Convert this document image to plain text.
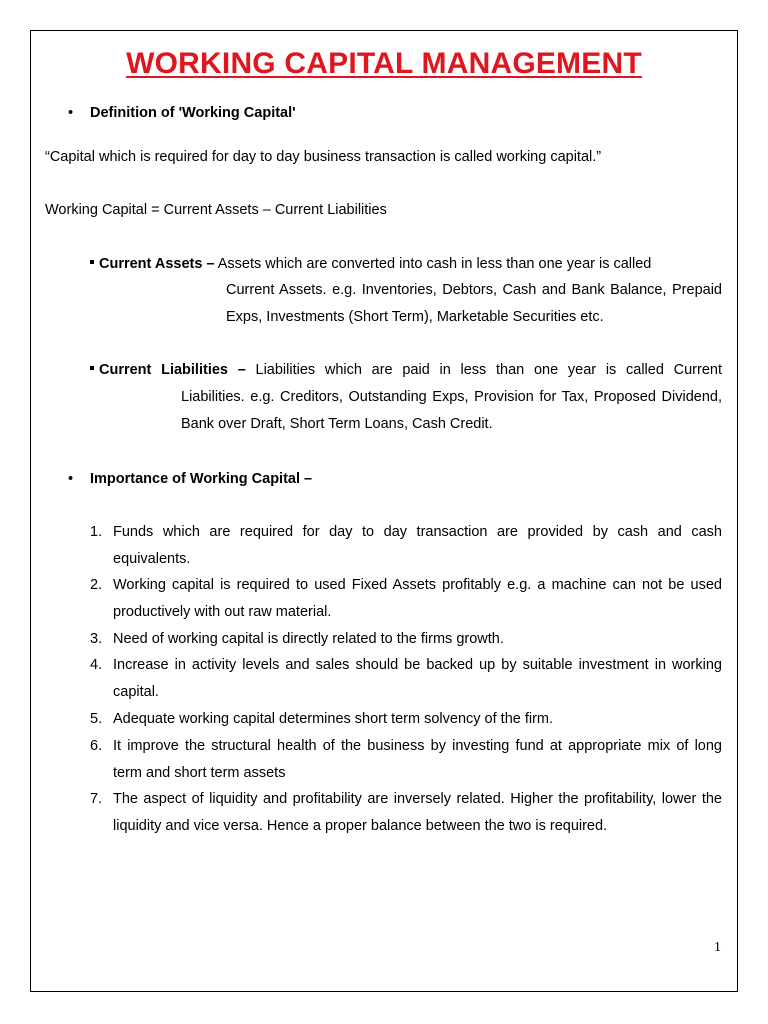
WORKING CAPITAL MANAGEMENT
• Definition of 'Working Capital'
“Capital which is required for day to day business transaction is called working capital.”
Working Capital = Current Assets – Current Liabilities
Current Assets – Assets which are converted into cash in less than one year is called
Current Assets. e.g. Inventories, Debtors, Cash and Bank Balance, Prepaid Exps, Investments (Short Term), Marketable Securities etc.
Current Liabilities – Liabilities which are paid in less than one year is called Current
Liabilities. e.g. Creditors, Outstanding Exps, Provision for Tax, Proposed Dividend, Bank over Draft, Short Term Loans, Cash Credit.
• Importance of Working Capital –
1. Funds which are required for day to day transaction are provided by cash and cash equivalents.
2. Working capital is required to used Fixed Assets profitably e.g. a machine can not be used productively with out raw material.
3. Need of working capital is directly related to the firms growth.
4. Increase in activity levels and sales should be backed up by suitable investment in working capital.
5. Adequate working capital determines short term solvency of the firm.
6. It improve the structural health of the business by investing fund at appropriate mix of long term and short term assets
7. The aspect of liquidity and profitability are inversely related. Higher the profitability, lower the liquidity and vice versa. Hence a proper balance between the two is required.
1
